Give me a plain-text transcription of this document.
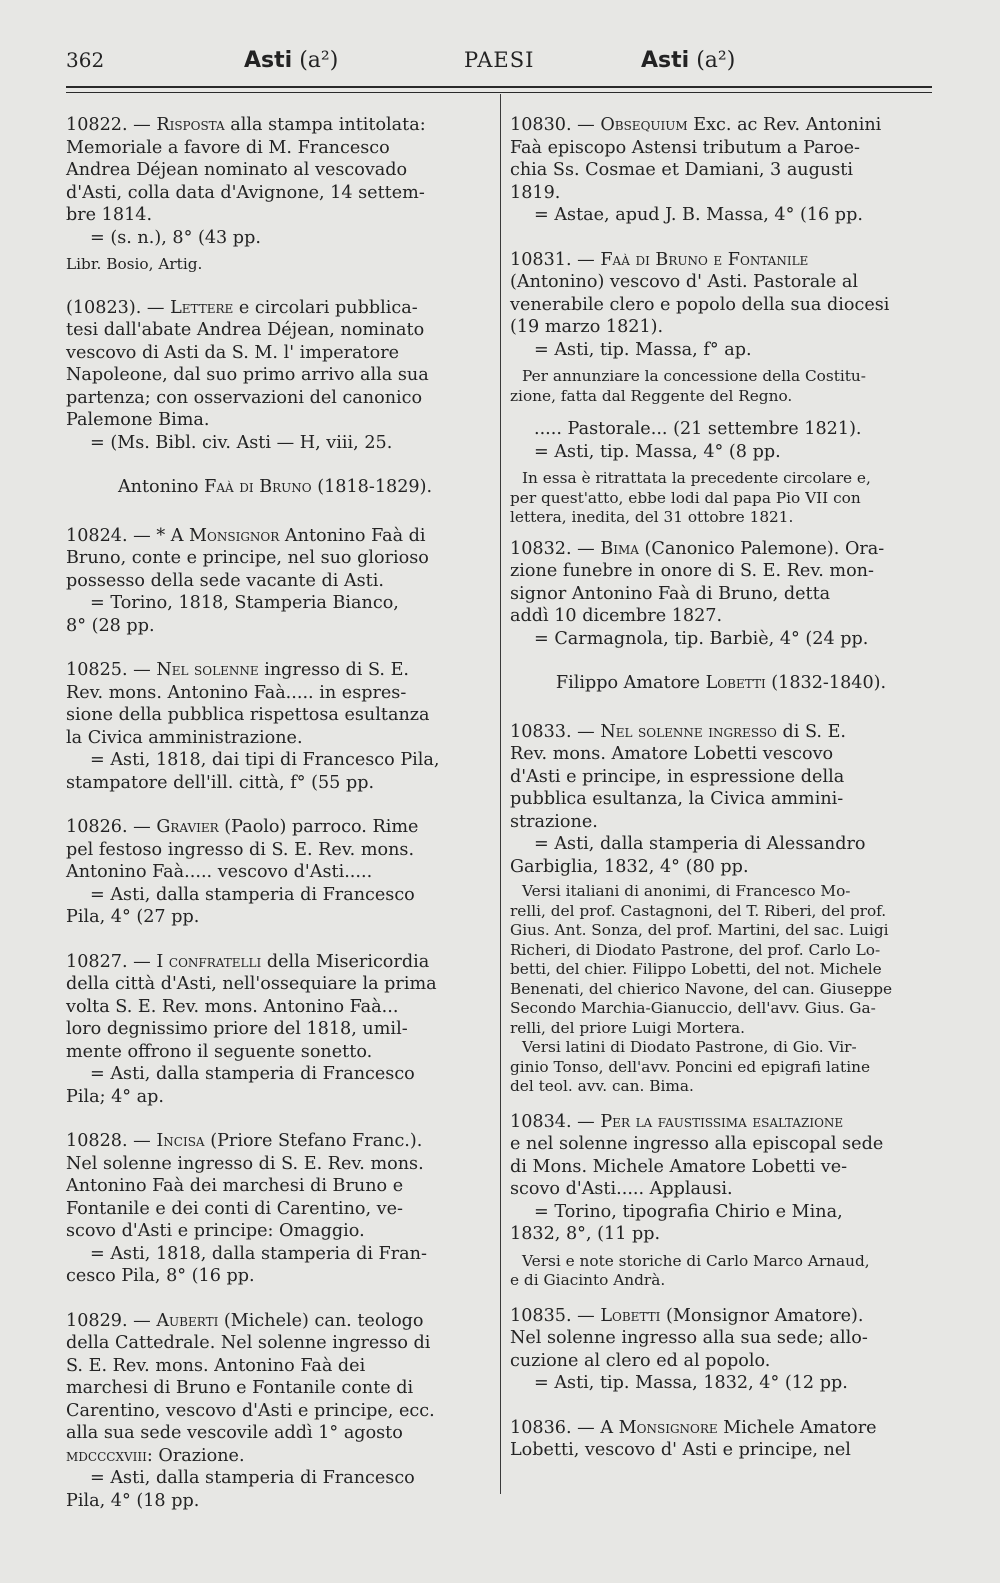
362	Asti (a²)	PAESI	Asti (a²)
10822. — Risposta alla stampa intitolata:
Memoriale a favore di M. Francesco
Andrea Déjean nominato al vescovado
d'Asti, colla data d'Avignone, 14 settem-
bre 1814.
= (s. n.), 8° (43 pp.
Libr. Bosio, Artig.
(10823). — Lettere e circolari pubblica-
tesi dall'abate Andrea Déjean, nominato
vescovo di Asti da S. M. l' imperatore
Napoleone, dal suo primo arrivo alla sua
partenza; con osservazioni del canonico
Palemone Bima.
= (Ms. Bibl. civ. Asti — H, viii, 25.
Antonino Faà di Bruno (1818-1829).
10824. — * A Monsignor Antonino Faà di
Bruno, conte e principe, nel suo glorioso
possesso della sede vacante di Asti.
= Torino, 1818, Stamperia Bianco,
8° (28 pp.
10825. — Nel solenne ingresso di S. E.
Rev. mons. Antonino Faà..... in espres-
sione della pubblica rispettosa esultanza
la Civica amministrazione.
= Asti, 1818, dai tipi di Francesco Pila,
stampatore dell'ill. città, f° (55 pp.
10826. — Gravier (Paolo) parroco. Rime
pel festoso ingresso di S. E. Rev. mons.
Antonino Faà..... vescovo d'Asti.....
= Asti, dalla stamperia di Francesco
Pila, 4° (27 pp.
10827. — I confratelli della Misericordia
della città d'Asti, nell'ossequiare la prima
volta S. E. Rev. mons. Antonino Faà...
loro degnissimo priore del 1818, umil-
mente offrono il seguente sonetto.
= Asti, dalla stamperia di Francesco
Pila; 4° ap.
10828. — Incisa (Priore Stefano Franc.).
Nel solenne ingresso di S. E. Rev. mons.
Antonino Faà dei marchesi di Bruno e
Fontanile e dei conti di Carentino, ve-
scovo d'Asti e principe: Omaggio.
= Asti, 1818, dalla stamperia di Fran-
cesco Pila, 8° (16 pp.
10829. — Auberti (Michele) can. teologo
della Cattedrale. Nel solenne ingresso di
S. E. Rev. mons. Antonino Faà dei
marchesi di Bruno e Fontanile conte di
Carentino, vescovo d'Asti e principe, ecc.
alla sua sede vescovile addì 1° agosto
mdcccxviii: Orazione.
= Asti, dalla stamperia di Francesco
Pila, 4° (18 pp.
10830. — Obsequium Exc. ac Rev. Antonini
Faà episcopo Astensi tributum a Paroe-
chia Ss. Cosmae et Damiani, 3 augusti
1819.
= Astae, apud J. B. Massa, 4° (16 pp.
10831. — Faà di Bruno e Fontanile
(Antonino) vescovo d' Asti. Pastorale al
venerabile clero e popolo della sua diocesi
(19 marzo 1821).
= Asti, tip. Massa, f° ap.
Per annunziare la concessione della Costitu-
zione, fatta dal Reggente del Regno.
..... Pastorale... (21 settembre 1821).
= Asti, tip. Massa, 4° (8 pp.
In essa è ritrattata la precedente circolare e,
per quest'atto, ebbe lodi dal papa Pio VII con
lettera, inedita, del 31 ottobre 1821.
10832. — Bima (Canonico Palemone). Ora-
zione funebre in onore di S. E. Rev. mon-
signor Antonino Faà di Bruno, detta
addì 10 dicembre 1827.
= Carmagnola, tip. Barbiè, 4° (24 pp.
Filippo Amatore Lobetti (1832-1840).
10833. — Nel solenne ingresso di S. E.
Rev. mons. Amatore Lobetti vescovo
d'Asti e principe, in espressione della
pubblica esultanza, la Civica ammini-
strazione.
= Asti, dalla stamperia di Alessandro
Garbiglia, 1832, 4° (80 pp.
Versi italiani di anonimi, di Francesco Mo-
relli, del prof. Castagnoni, del T. Riberi, del prof.
Gius. Ant. Sonza, del prof. Martini, del sac. Luigi
Richeri, di Diodato Pastrone, del prof. Carlo Lo-
betti, del chier. Filippo Lobetti, del not. Michele
Benenati, del chierico Navone, del can. Giuseppe
Secondo Marchia-Gianuccio, dell'avv. Gius. Ga-
relli, del priore Luigi Mortera.
Versi latini di Diodato Pastrone, di Gio. Vir-
ginio Tonso, dell'avv. Poncini ed epigrafi latine
del teol. avv. can. Bima.
10834. — Per la faustissima esaltazione
e nel solenne ingresso alla episcopal sede
di Mons. Michele Amatore Lobetti ve-
scovo d'Asti..... Applausi.
= Torino, tipografia Chirio e Mina,
1832, 8°, (11 pp.
Versi e note storiche di Carlo Marco Arnaud,
e di Giacinto Andrà.
10835. — Lobetti (Monsignor Amatore).
Nel solenne ingresso alla sua sede; allo-
cuzione al clero ed al popolo.
= Asti, tip. Massa, 1832, 4° (12 pp.
10836. — A Monsignore Michele Amatore
Lobetti, vescovo d' Asti e principe, nel
